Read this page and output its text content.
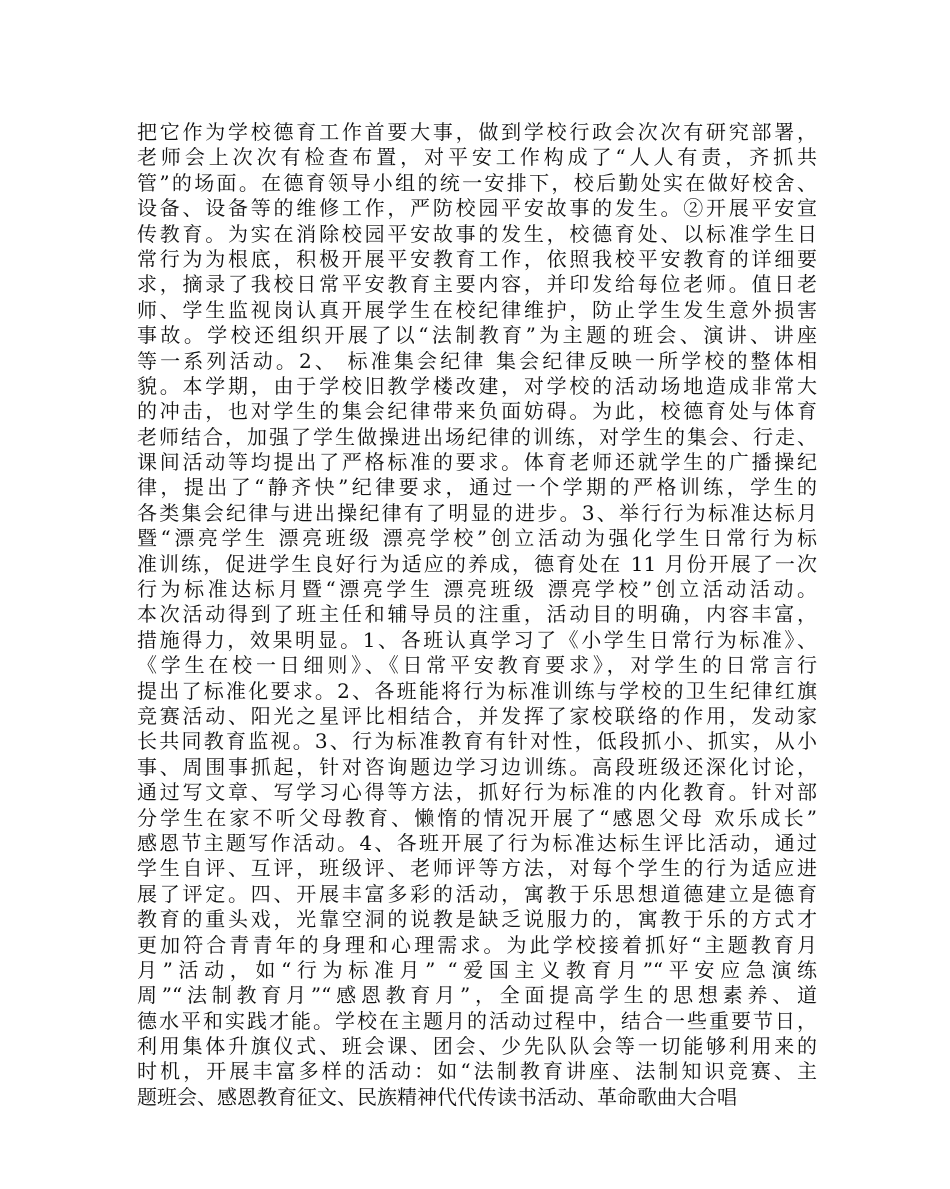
把它作为学校德育工作首要大事，做到学校行政会次次有研究部署，
老师会上次次有检查布置，对平安工作构成了“人人有责，齐抓共
管”的场面。在德育领导小组的统一安排下，校后勤处实在做好校舍、
设备、设备等的维修工作，严防校园平安故事的发生。②开展平安宣
传教育。为实在消除校园平安故事的发生，校德育处、以标准学生日
常行为为根底，积极开展平安教育工作，依照我校平安教育的详细要
求，摘录了我校日常平安教育主要内容，并印发给每位老师。值日老
师、学生监视岗认真开展学生在校纪律维护，防止学生发生意外损害
事故。学校还组织开展了以“法制教育”为主题的班会、演讲、讲座
等一系列活动。2、 标准集会纪律 集会纪律反映一所学校的整体相
貌。本学期，由于学校旧教学楼改建，对学校的活动场地造成非常大
的冲击，也对学生的集会纪律带来负面妨碍。为此，校德育处与体育
老师结合，加强了学生做操进出场纪律的训练，对学生的集会、行走、
课间活动等均提出了严格标准的要求。体育老师还就学生的广播操纪
律，提出了“静齐快”纪律要求，通过一个学期的严格训练，学生的
各类集会纪律与进出操纪律有了明显的进步。3、举行行为标准达标月
暨“漂亮学生 漂亮班级 漂亮学校”创立活动为强化学生日常行为标
准训练，促进学生良好行为适应的养成，德育处在 11 月份开展了一次
行为标准达标月暨“漂亮学生 漂亮班级 漂亮学校”创立活动活动。
本次活动得到了班主任和辅导员的注重，活动目的明确，内容丰富，
措施得力，效果明显。1、各班认真学习了《小学生日常行为标准》、
《学生在校一日细则》、《日常平安教育要求》，对学生的日常言行
提出了标准化要求。2、各班能将行为标准训练与学校的卫生纪律红旗
竞赛活动、阳光之星评比相结合，并发挥了家校联络的作用，发动家
长共同教育监视。3、行为标准教育有针对性，低段抓小、抓实，从小
事、周围事抓起，针对咨询题边学习边训练。高段班级还深化讨论，
通过写文章、写学习心得等方法，抓好行为标准的内化教育。针对部
分学生在家不听父母教育、懒惰的情况开展了“感恩父母 欢乐成长”
感恩节主题写作活动。4、各班开展了行为标准达标生评比活动，通过
学生自评、互评，班级评、老师评等方法，对每个学生的行为适应进
展了评定。四、开展丰富多彩的活动，寓教于乐思想道德建立是德育
教育的重头戏，光靠空洞的说教是缺乏说服力的，寓教于乐的方式才
更加符合青青年的身理和心理需求。为此学校接着抓好“主题教育月
月”活动，如“行为标准月” “爱国主义教育月”“平安应急演练
周”“法制教育月”“感恩教育月”，全面提高学生的思想素养、道
德水平和实践才能。学校在主题月的活动过程中，结合一些重要节日，
利用集体升旗仪式、班会课、团会、少先队队会等一切能够利用来的
时机，开展丰富多样的活动：如“法制教育讲座、法制知识竞赛、主
题班会、感恩教育征文、民族精神代代传读书活动、革命歌曲大合唱
